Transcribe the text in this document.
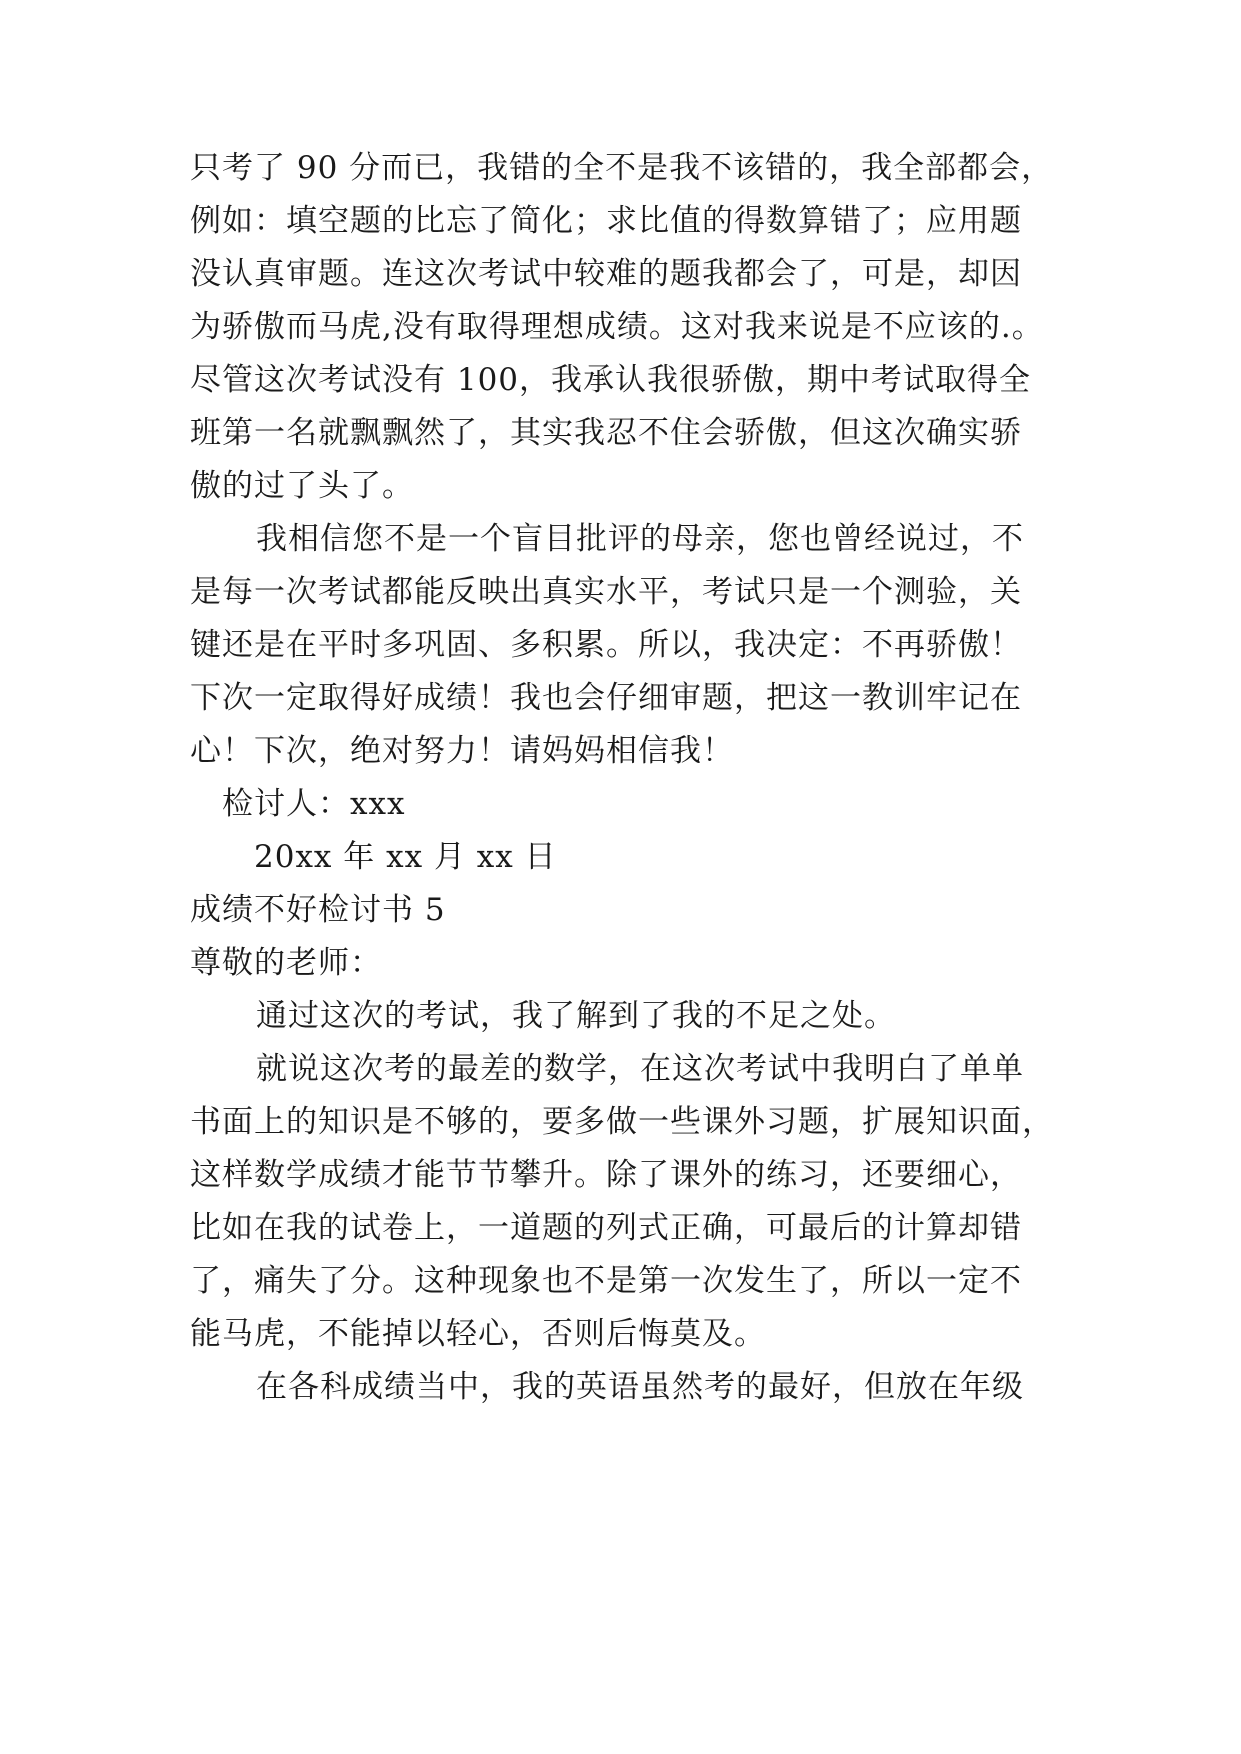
只考了 90 分而已，我错的全不是我不该错的，我全部都会，
例如：填空题的比忘了简化；求比值的得数算错了；应用题
没认真审题。连这次考试中较难的题我都会了，可是，却因
为骄傲而马虎,没有取得理想成绩。这对我来说是不应该的.。
尽管这次考试没有 100，我承认我很骄傲，期中考试取得全
班第一名就飘飘然了，其实我忍不住会骄傲，但这次确实骄
傲的过了头了。
我相信您不是一个盲目批评的母亲，您也曾经说过，不
是每一次考试都能反映出真实水平，考试只是一个测验，关
键还是在平时多巩固、多积累。所以，我决定：不再骄傲！
下次一定取得好成绩！我也会仔细审题，把这一教训牢记在
心！下次，绝对努力！请妈妈相信我！
检讨人：xxx
20xx 年 xx 月 xx 日
成绩不好检讨书 5
尊敬的老师：
通过这次的考试，我了解到了我的不足之处。
就说这次考的最差的数学，在这次考试中我明白了单单
书面上的知识是不够的，要多做一些课外习题，扩展知识面，
这样数学成绩才能节节攀升。除了课外的练习，还要细心，
比如在我的试卷上，一道题的列式正确，可最后的计算却错
了，痛失了分。这种现象也不是第一次发生了，所以一定不
能马虎，不能掉以轻心，否则后悔莫及。
在各科成绩当中，我的英语虽然考的最好，但放在年级
